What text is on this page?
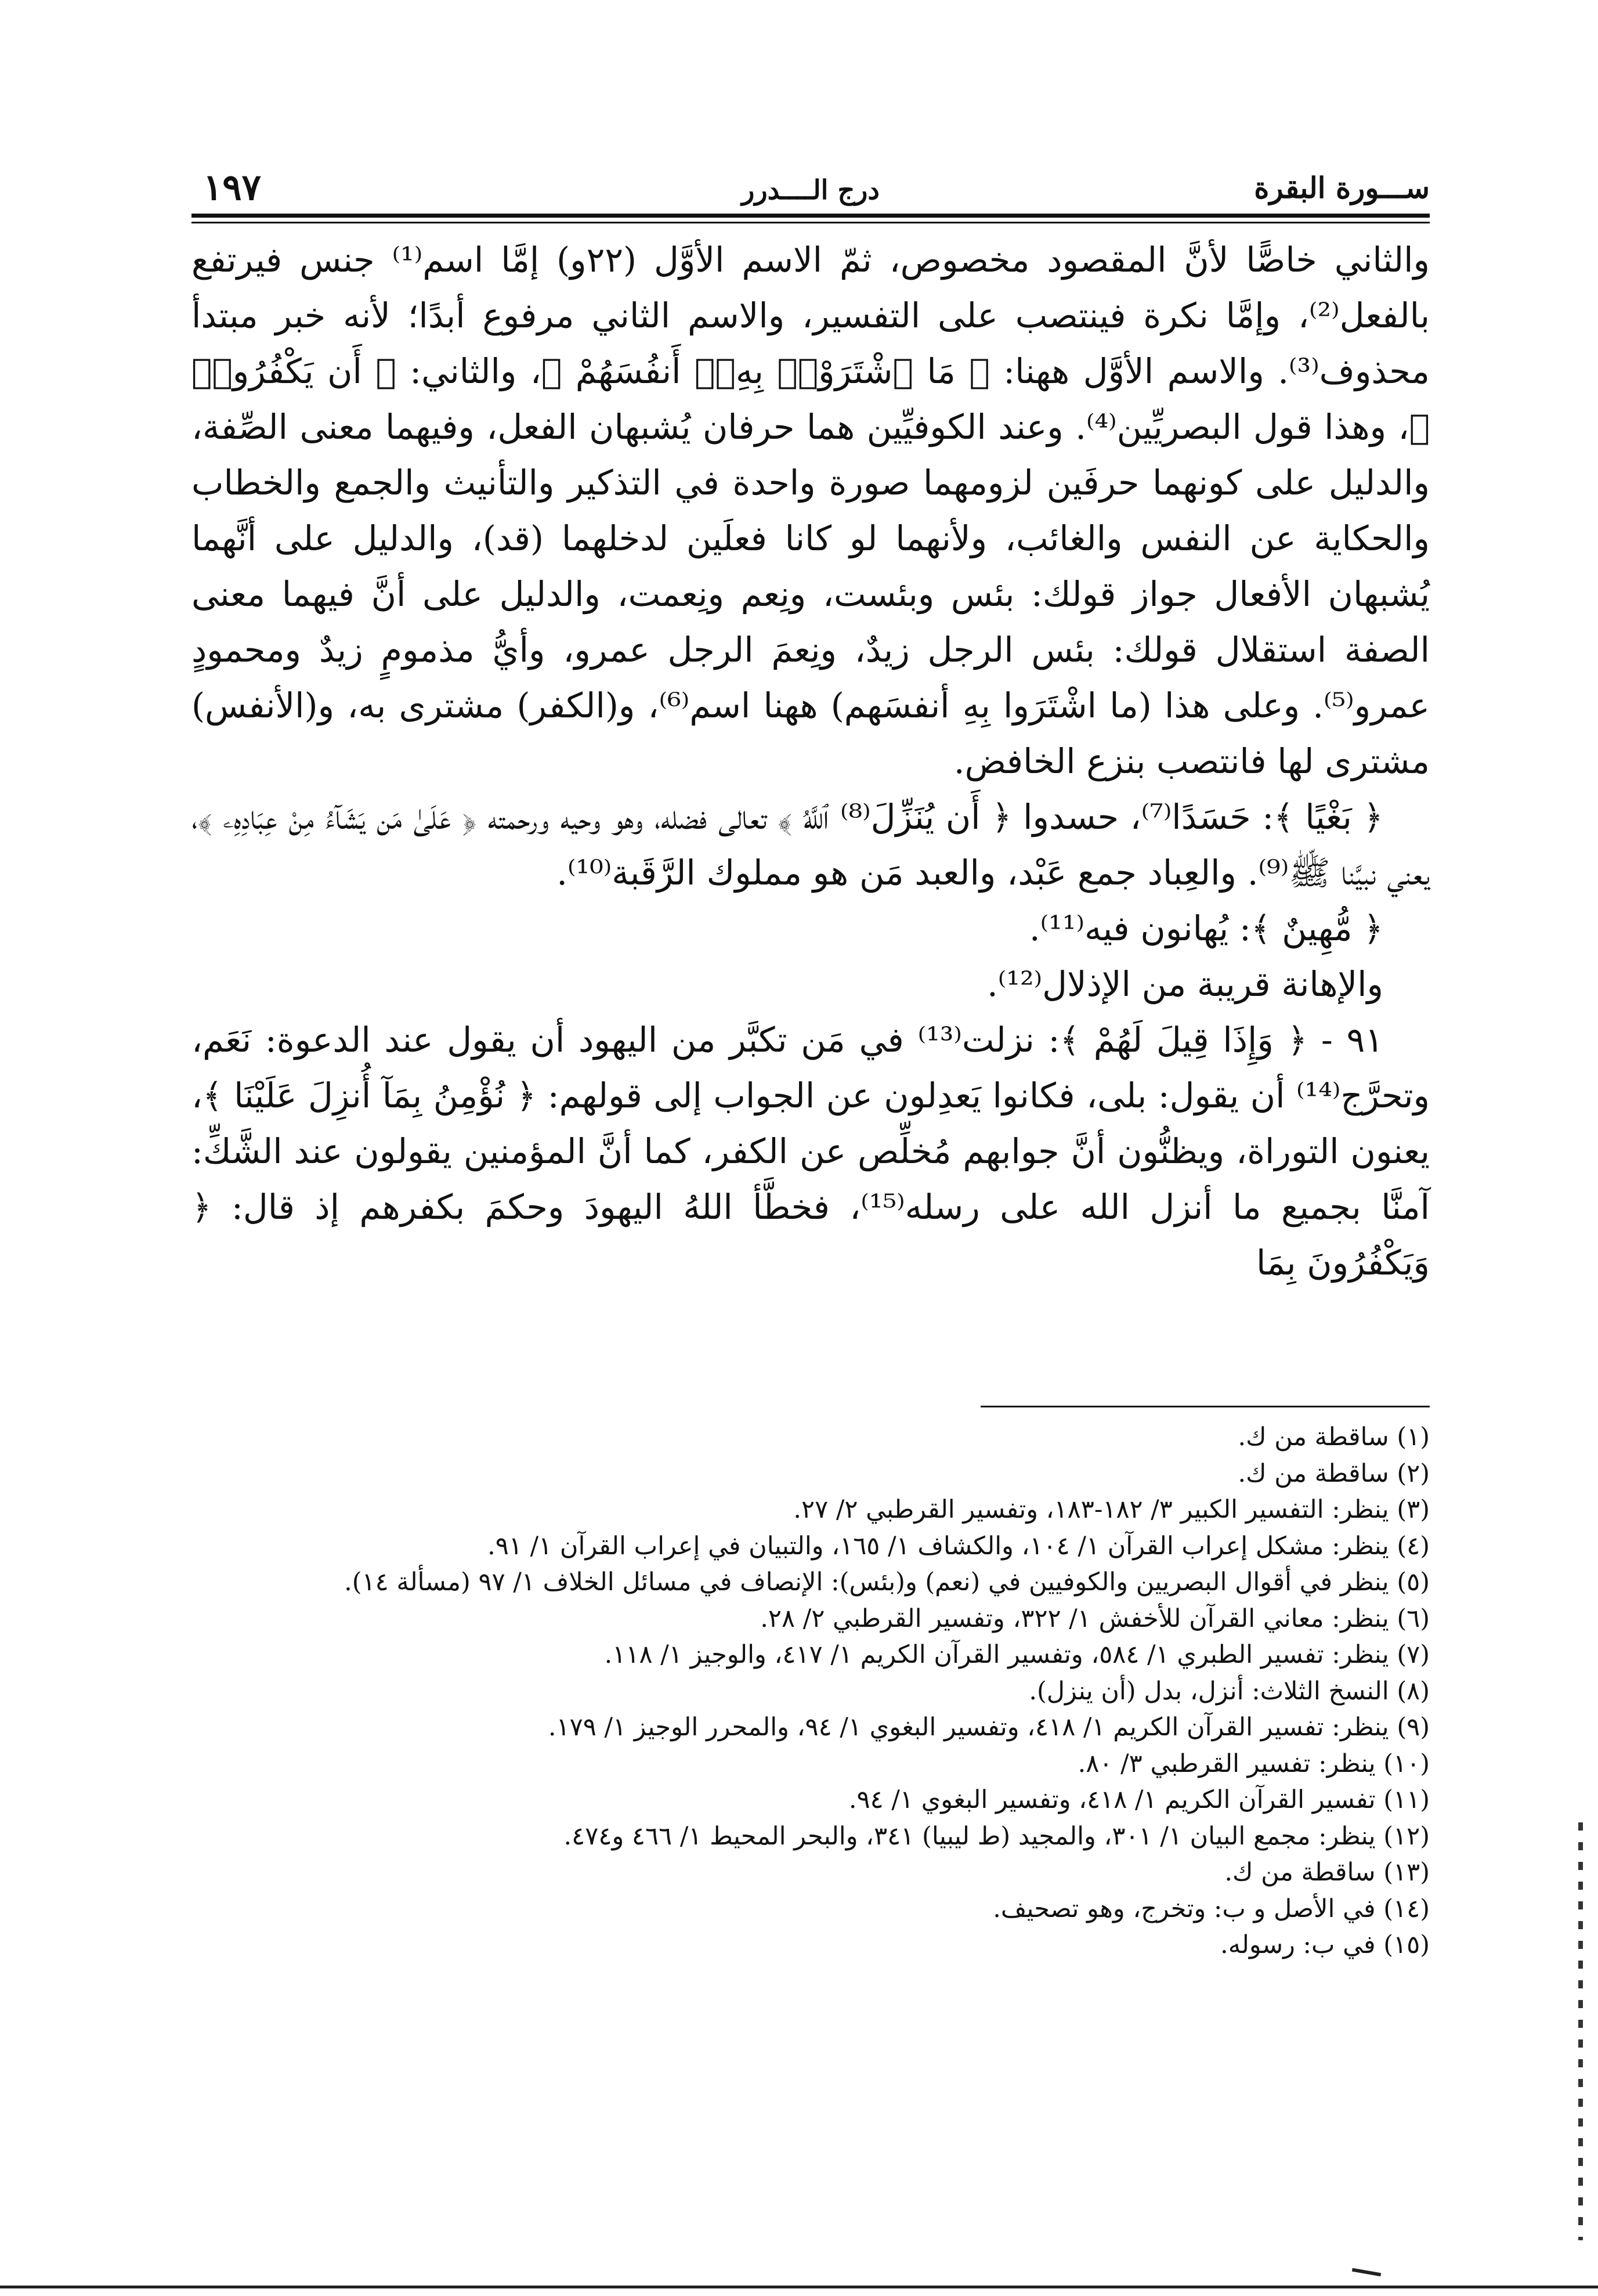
١٩٧	درج الــــدرر	ســـورة البقرة

والثاني خاصًّا لأنَّ المقصود مخصوص، ثمّ الاسم الأوَّل (٢٢و) إمَّا اسم⁽¹⁾ جنس فيرتفع بالفعل⁽²⁾، وإمَّا نكرة فينتصب على التفسير، والاسم الثاني مرفوع أبدًا؛ لأنه خبر مبتدأ محذوف⁽³⁾. والاسم الأوَّل ههنا: ﴿ مَا ٱشْتَرَوْا۟ بِهِۦٓ أَنفُسَهُمْ ﴾، والثاني: ﴿ أَن يَكْفُرُوا۟ ﴾، وهذا قول البصريِّين⁽⁴⁾. وعند الكوفيِّين هما حرفان يُشبهان الفعل، وفيهما معنى الصِّفة، والدليل على كونهما حرفَين لزومهما صورة واحدة في التذكير والتأنيث والجمع والخطاب والحكاية عن النفس والغائب، ولأنهما لو كانا فعلَين لدخلهما (قد)، والدليل على أنَّهما يُشبهان الأفعال جواز قولك: بئس وبئست، ونِعم ونِعمت، والدليل على أنَّ فيهما معنى الصفة استقلال قولك: بئس الرجل زيدٌ، ونِعمَ الرجل عمرو، وأيُّ مذمومٍ زيدٌ ومحمودٍ عمرو⁽⁵⁾. وعلى هذا (ما اشْتَرَوا بِهِ أنفسَهم) ههنا اسم⁽⁶⁾، و(الكفر) مشترى به، و(الأنفس) مشترى لها فانتصب بنزع الخافض.

﴿ بَغْيًا ﴾: حَسَدًا⁽⁷⁾، حسدوا ﴿ أَن يُنَزِّلَ⁽⁸⁾ ٱللَّهُ ﴾ تعالى فضله، وهو وحيه ورحمته ﴿ عَلَىٰ مَن يَشَآءُ مِنْ عِبَادِهِۦ ﴾، يعني نبيَّنا ﷺ⁽⁹⁾. والعِباد جمع عَبْد، والعبد مَن هو مملوك الرَّقَبة⁽¹⁰⁾.

﴿ مُّهِينٌ ﴾: يُهانون فيه⁽¹¹⁾.

والإهانة قريبة من الإذلال⁽¹²⁾.

٩١ - ﴿ وَإِذَا قِيلَ لَهُمْ ﴾: نزلت⁽¹³⁾ في مَن تكبَّر من اليهود أن يقول عند الدعوة: نَعَم، وتحرَّج⁽¹⁴⁾ أن يقول: بلى، فكانوا يَعدِلون عن الجواب إلى قولهم: ﴿ نُؤْمِنُ بِمَآ أُنزِلَ عَلَيْنَا ﴾، يعنون التوراة، ويظنُّون أنَّ جوابهم مُخلِّص عن الكفر، كما أنَّ المؤمنين يقولون عند الشَّكِّ: آمنَّا بجميع ما أنزل الله على رسله⁽¹⁵⁾، فخطَّأ اللهُ اليهودَ وحكمَ بكفرهم إذ قال: ﴿ وَيَكْفُرُونَ بِمَا

(١) ساقطة من ك.
(٢) ساقطة من ك.
(٣) ينظر: التفسير الكبير ٣/ ١٨٢-١٨٣، وتفسير القرطبي ٢/ ٢٧.
(٤) ينظر: مشكل إعراب القرآن ١/ ١٠٤، والكشاف ١/ ١٦٥، والتبيان في إعراب القرآن ١/ ٩١.
(٥) ينظر في أقوال البصريين والكوفيين في (نعم) و(بئس): الإنصاف في مسائل الخلاف ١/ ٩٧ (مسألة ١٤).
(٦) ينظر: معاني القرآن للأخفش ١/ ٣٢٢، وتفسير القرطبي ٢/ ٢٨.
(٧) ينظر: تفسير الطبري ١/ ٥٨٤، وتفسير القرآن الكريم ١/ ٤١٧، والوجيز ١/ ١١٨.
(٨) النسخ الثلاث: أنزل، بدل (أن ينزل).
(٩) ينظر: تفسير القرآن الكريم ١/ ٤١٨، وتفسير البغوي ١/ ٩٤، والمحرر الوجيز ١/ ١٧٩.
(١٠) ينظر: تفسير القرطبي ٣/ ٨٠.
(١١) تفسير القرآن الكريم ١/ ٤١٨، وتفسير البغوي ١/ ٩٤.
(١٢) ينظر: مجمع البيان ١/ ٣٠١، والمجيد (ط ليبيا) ٣٤١، والبحر المحيط ١/ ٤٦٦ و٤٧٤.
(١٣) ساقطة من ك.
(١٤) في الأصل و ب: وتخرج، وهو تصحيف.
(١٥) في ب: رسوله.
